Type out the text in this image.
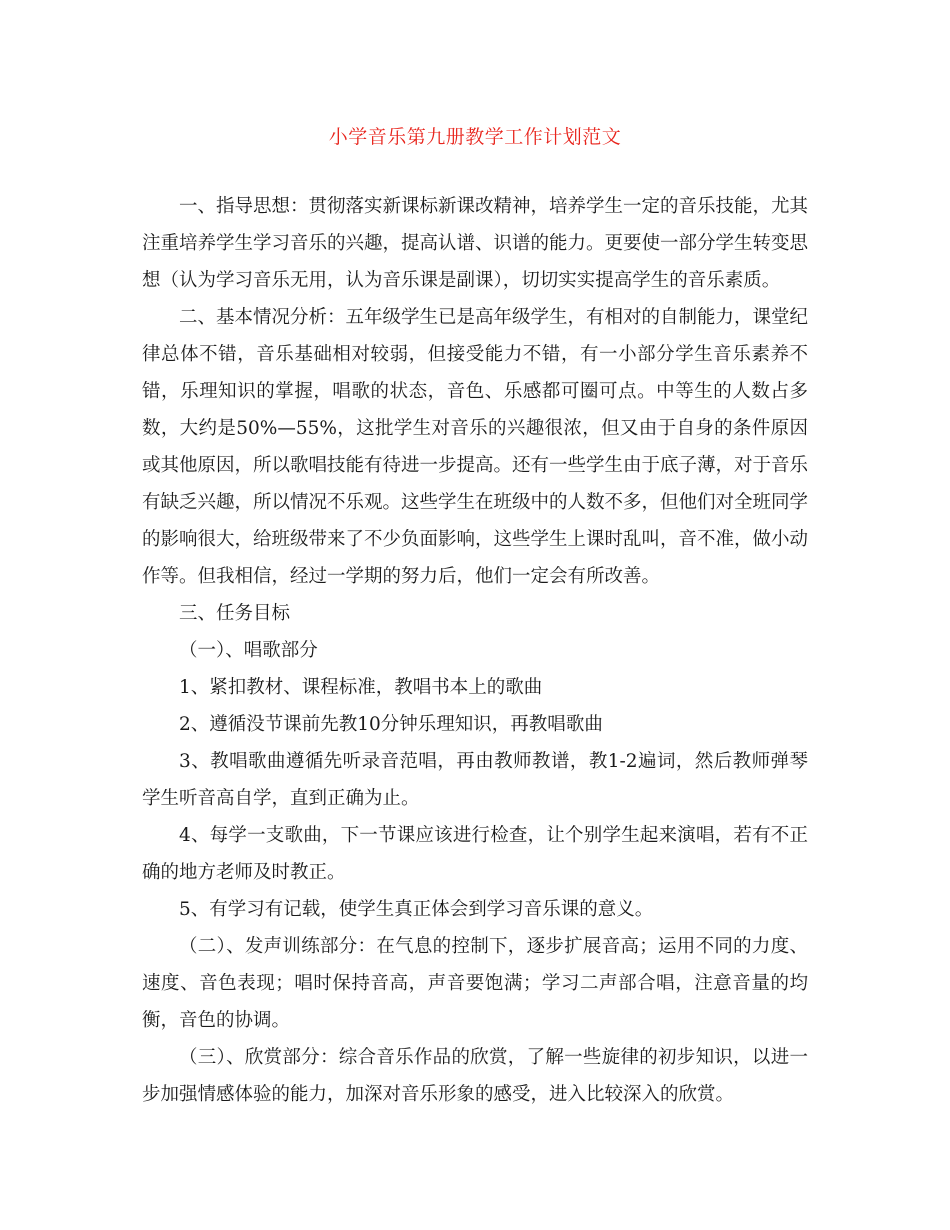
小学音乐第九册教学工作计划范文

一、指导思想：贯彻落实新课标新课改精神，培养学生一定的音乐技能，尤其注重培养学生学习音乐的兴趣，提高认谱、识谱的能力。更要使一部分学生转变思想（认为学习音乐无用，认为音乐课是副课），切切实实提高学生的音乐素质。

二、基本情况分析：五年级学生已是高年级学生，有相对的自制能力，课堂纪律总体不错，音乐基础相对较弱，但接受能力不错，有一小部分学生音乐素养不错，乐理知识的掌握，唱歌的状态，音色、乐感都可圈可点。中等生的人数占多数，大约是50%—55%，这批学生对音乐的兴趣很浓，但又由于自身的条件原因或其他原因，所以歌唱技能有待进一步提高。还有一些学生由于底子薄，对于音乐有缺乏兴趣，所以情况不乐观。这些学生在班级中的人数不多，但他们对全班同学的影响很大，给班级带来了不少负面影响，这些学生上课时乱叫，音不准，做小动作等。但我相信，经过一学期的努力后，他们一定会有所改善。

三、任务目标

（一）、唱歌部分

1、紧扣教材、课程标准，教唱书本上的歌曲

2、遵循没节课前先教10分钟乐理知识，再教唱歌曲

3、教唱歌曲遵循先听录音范唱，再由教师教谱，教1-2遍词，然后教师弹琴学生听音高自学，直到正确为止。

4、每学一支歌曲，下一节课应该进行检查，让个别学生起来演唱，若有不正确的地方老师及时教正。

5、有学习有记载，使学生真正体会到学习音乐课的意义。

（二）、发声训练部分：在气息的控制下，逐步扩展音高；运用不同的力度、速度、音色表现；唱时保持音高，声音要饱满；学习二声部合唱，注意音量的均衡，音色的协调。

（三）、欣赏部分：综合音乐作品的欣赏，了解一些旋律的初步知识，以进一步加强情感体验的能力，加深对音乐形象的感受，进入比较深入的欣赏。
